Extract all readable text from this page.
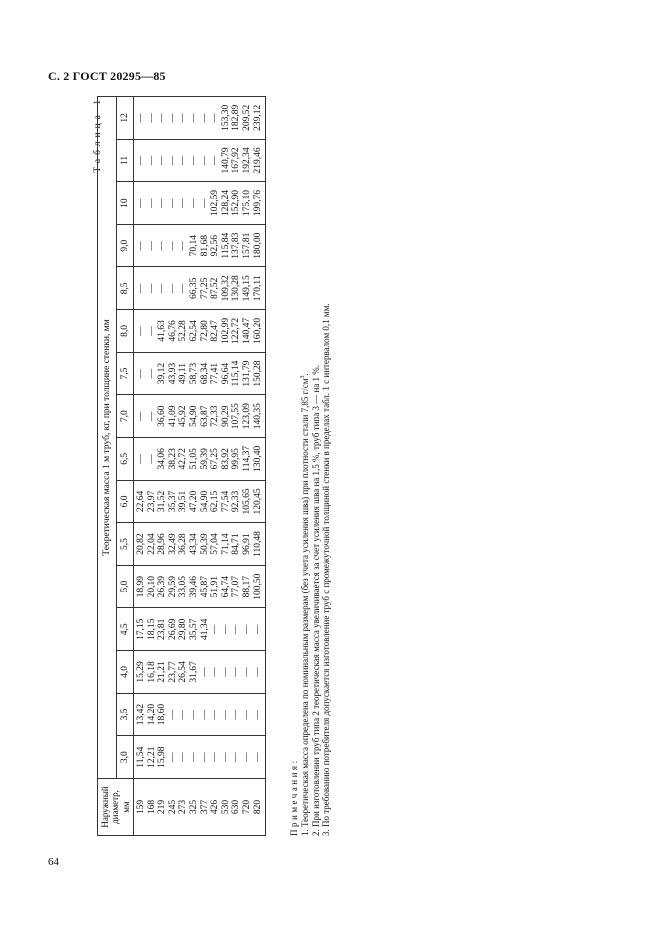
С. 2 ГОСТ 20295—85
Таблица 1
Наружный
диаметр,
мм	Теоретическая масса 1 м труб, кг, при толщине стенки, мм															
	3,0	3,5	4,0	4,5	5,0	5,5	6,0	6,5	7,0	7,5	8,0	8,5	9,0	10	11	12
159	11,54	13,42	15,29	17,15	18,99	20,82	22,64	—	—	—	—	—	—	—	—	—
168	12,21	14,20	16,18	18,15	20,10	22,04	23,97	—	—	—	—	—	—	—	—	—
219	15,98	18,60	21,21	23,81	26,39	28,96	31,52	34,06	36,60	39,12	41,63	—	—	—	—	—
245	—	—	23,77	26,69	29,59	32,49	35,37	38,23	41,09	43,93	46,76	—	—	—	—	—
273	—	—	26,54	29,80	33,05	36,28	39,51	42,72	45,92	49,11	52,28	—	—	—	—	—
325	—	—	31,67	35,57	39,46	43,34	47,20	51,05	54,90	58,73	62,54	66,35	70,14	—	—	—
377	—	—	—	41,34	45,87	50,39	54,90	59,39	63,87	68,34	72,80	77,25	81,68	—	—	—
426	—	—	—	—	51,91	57,04	62,15	67,25	72,33	77,41	82,47	87,52	92,56	102,59	—	—
530	—	—	—	—	64,74	71,14	77,54	83,92	90,29	96,64	102,99	109,32	115,84	128,24	140,79	153,30
630	—	—	—	—	77,07	84,71	92,33	99,95	107,55	115,14	122,72	130,28	137,83	152,90	167,92	182,89
720	—	—	—	—	88,17	96,91	105,65	114,37	123,09	131,79	140,47	149,15	157,81	175,10	192,34	209,52
820	—	—	—	—	100,50	110,48	120,45	130,40	140,35	150,28	160,20	170,11	180,00	199,76	219,46	239,12
Примечания: 1. Теоретическая масса определена по номинальным размерам (без учета усиления шва) при плотности стали 7,85 $г/см^3$. 2. При изготовлении труб типа 2 теоретическая масса увеличивается за счет усиления шва на 1,5 %, труб типа 3 — на 1 %. 3. По требованию потребителя допускается изготовление труб с промежуточной толщиной стенки в пределах табл. 1 с интервалом 0,1 мм.
64
